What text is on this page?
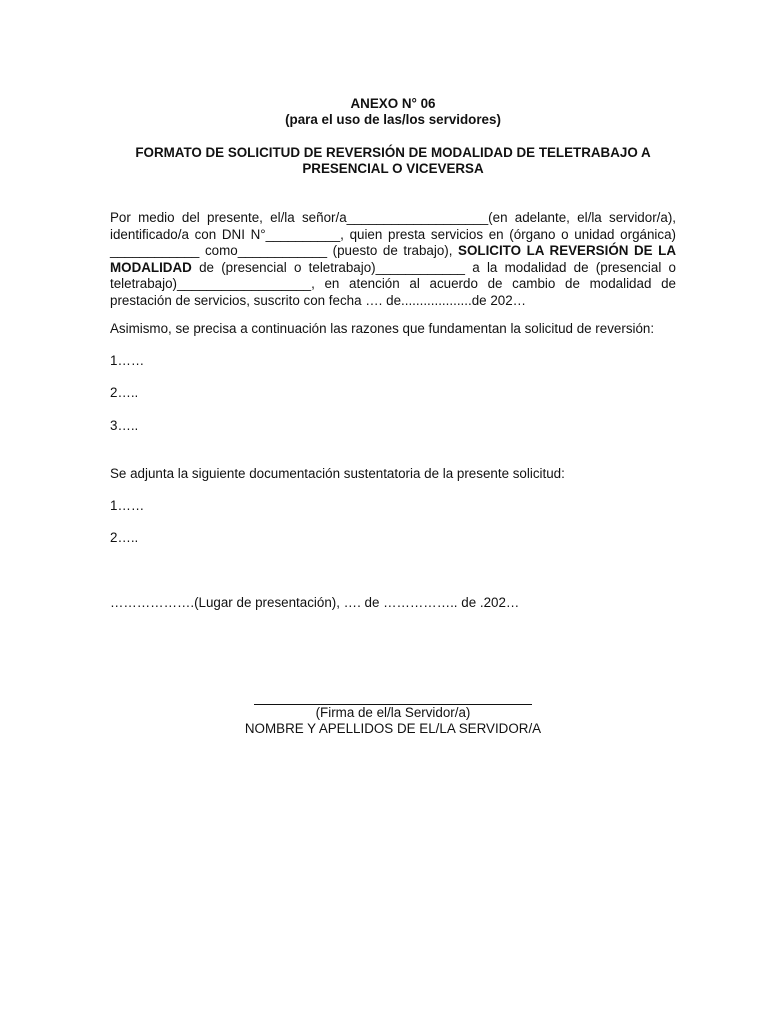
ANEXO N° 06
(para el uso de las/los servidores)
FORMATO DE SOLICITUD DE REVERSIÓN DE MODALIDAD DE TELETRABAJO A
PRESENCIAL O VICEVERSA

Por medio del presente, el/la señor/a___________________(en adelante, el/la servidor/a), identificado/a con DNI N°__________, quien presta servicios en (órgano o unidad orgánica) ____________ como____________ (puesto de trabajo), SOLICITO LA REVERSIÓN DE LA MODALIDAD de (presencial o teletrabajo)____________ a la modalidad de (presencial o teletrabajo)__________________, en atención al acuerdo de cambio de modalidad de prestación de servicios, suscrito con fecha …. de...................de 202…

Asimismo, se precisa a continuación las razones que fundamentan la solicitud de reversión:

1……

2…..

3…..

Se adjunta la siguiente documentación sustentatoria de la presente solicitud:

1……

2…..

……………….(Lugar de presentación), …. de …………….. de .202…

(Firma de el/la Servidor/a)
NOMBRE Y APELLIDOS DE EL/LA SERVIDOR/A
